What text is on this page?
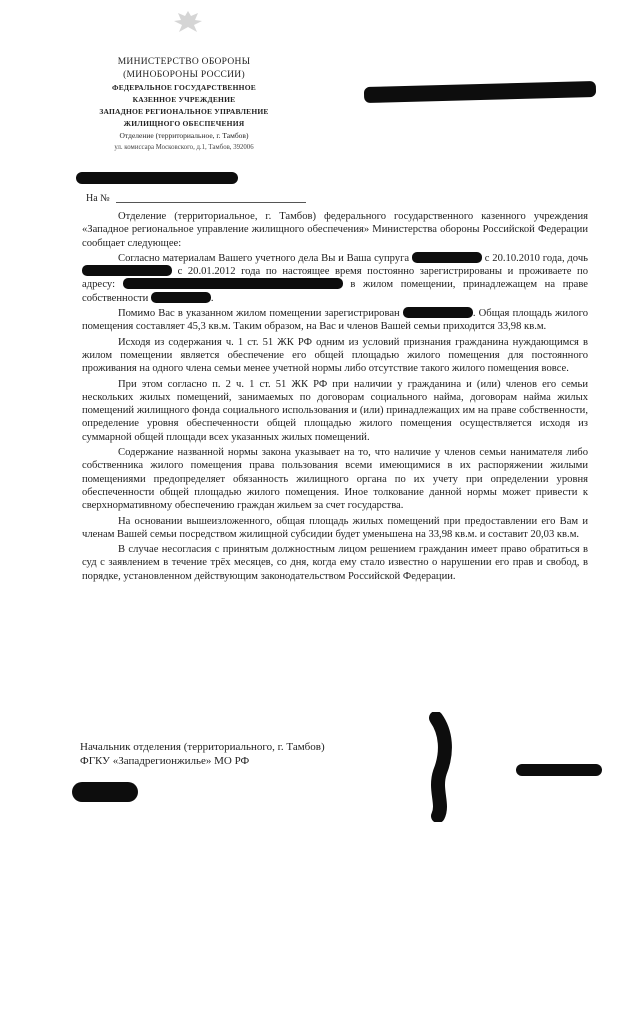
МИНИСТЕРСТВО ОБОРОНЫ
(МИНОБОРОНЫ РОССИИ)
ФЕДЕРАЛЬНОЕ ГОСУДАРСТВЕННОЕ
КАЗЕННОЕ УЧРЕЖДЕНИЕ
ЗАПАДНОЕ РЕГИОНАЛЬНОЕ УПРАВЛЕНИЕ
ЖИЛИЩНОГО ОБЕСПЕЧЕНИЯ
Отделение (территориальное, г. Тамбов)
ул. комиссара Московского, д.1, Тамбов, 392006
На №

Отделение (территориальное, г. Тамбов) федерального государственного казенного учреждения «Западное региональное управление жилищного обеспечения» Министерства обороны Российской Федерации сообщает следующее:

Согласно материалам Вашего учетного дела Вы и Ваша супруга	с 20.10.2010 года, дочь  с 20.01.2012 года по настоящее время постоянно зарегистрированы и проживаете по адресу:	в жилом помещении, принадлежащем на праве собственности	.

Помимо Вас в указанном жилом помещении зарегистрирован	. Общая площадь жилого помещения составляет 45,3 кв.м. Таким образом, на Вас и членов Вашей семьи приходится 33,98 кв.м.

Исходя из содержания ч. 1 ст. 51 ЖК РФ одним из условий признания гражданина нуждающимся в жилом помещении является обеспечение его общей площадью жилого помещения для постоянного проживания на одного члена семьи менее учетной нормы либо отсутствие такого жилого помещения вовсе.

При этом согласно п. 2 ч. 1 ст. 51 ЖК РФ при наличии у гражданина и (или) членов его семьи нескольких жилых помещений, занимаемых по договорам социального найма, договорам найма жилых помещений жилищного фонда социального использования и (или) принадлежащих им на праве собственности, определение уровня обеспеченности общей площадью жилого помещения осуществляется исходя из суммарной общей площади всех указанных жилых помещений.

Содержание названной нормы закона указывает на то, что наличие у членов семьи нанимателя либо собственника жилого помещения права пользования всеми имеющимися в их распоряжении жилыми помещениями предопределяет обязанность жилищного органа по их учету при определении уровня обеспеченности общей площадью жилого помещения. Иное толкование данной нормы может привести к сверхнормативному обеспечению граждан жильем за счет государства.

На основании вышеизложенного, общая площадь жилых помещений при предоставлении его Вам и членам Вашей семьи посредством жилищной субсидии будет уменьшена на 33,98 кв.м. и составит 20,03 кв.м.

В случае несогласия с принятым должностным лицом решением гражданин имеет право обратиться в суд с заявлением в течение трёх месяцев, со дня, когда ему стало известно о нарушении его прав и свобод, в порядке, установленном действующим законодательством Российской Федерации.

Начальник отделения (территориального, г. Тамбов)
ФГКУ «Западрегионжилье» МО РФ
